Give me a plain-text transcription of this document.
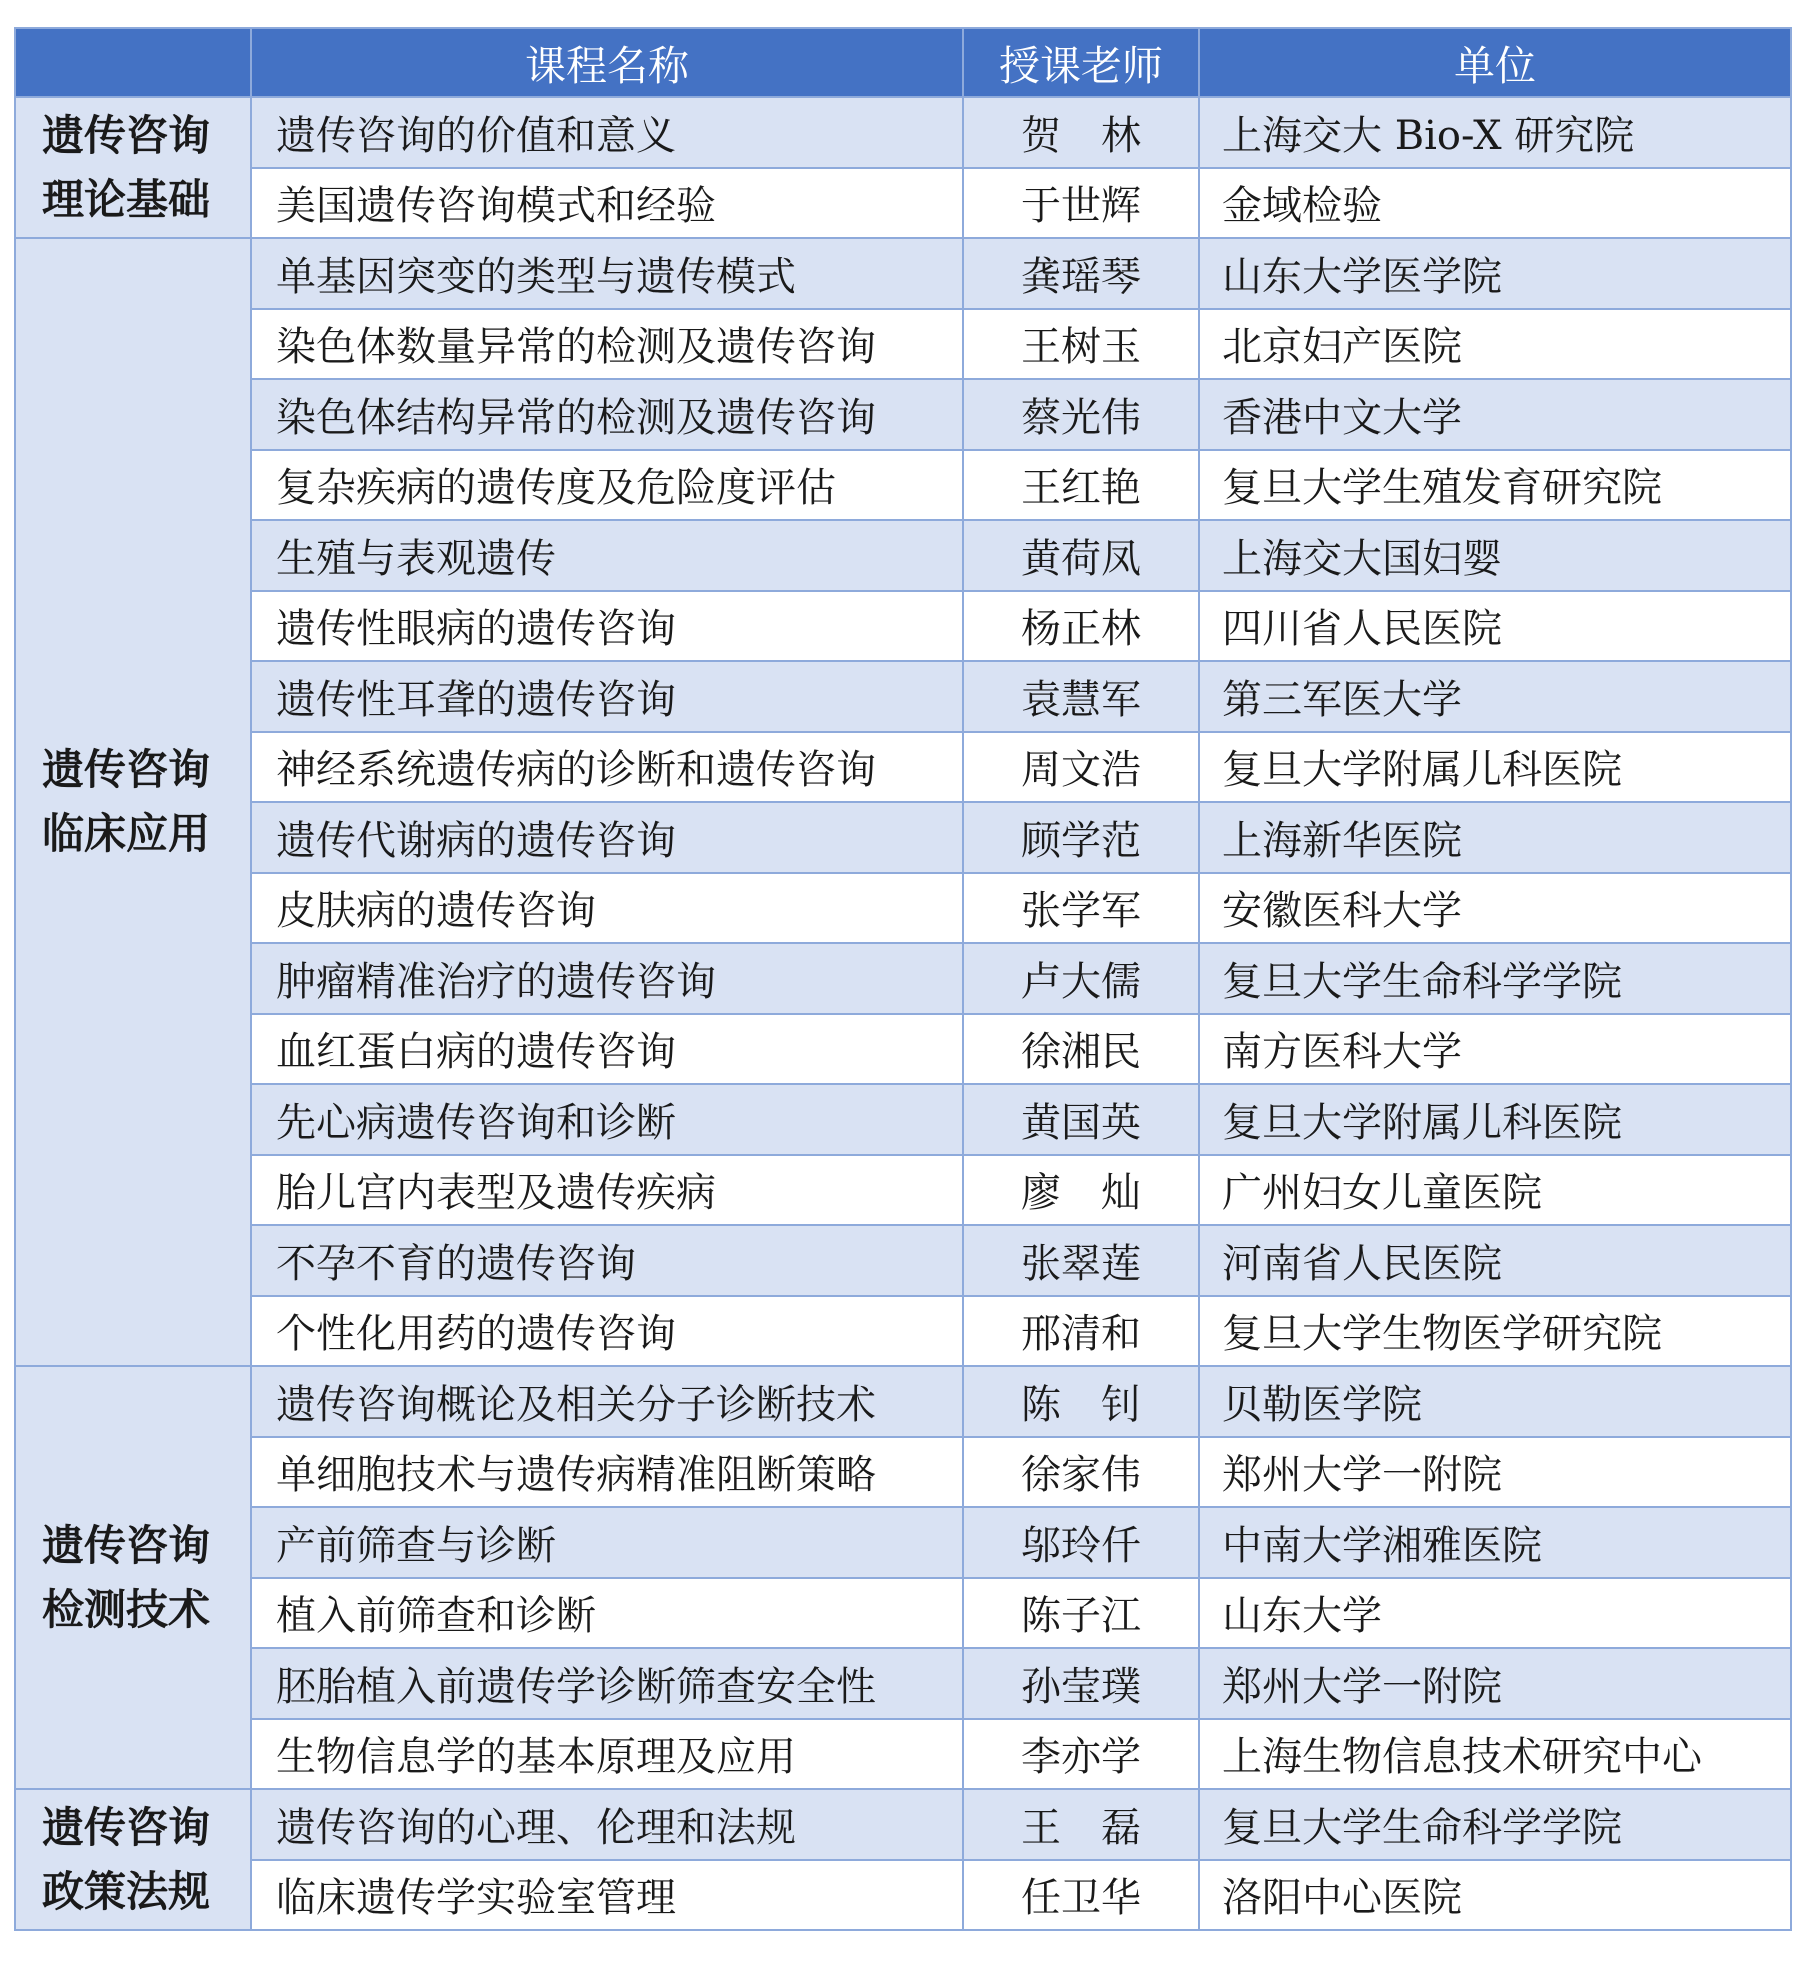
	课程名称	授课老师	单位
遗传咨询
理论基础	遗传咨询的价值和意义	贺　林	上海交大 Bio-X 研究院
	美国遗传咨询模式和经验	于世辉	金域检验
遗传咨询
临床应用	单基因突变的类型与遗传模式	龚瑶琴	山东大学医学院
	染色体数量异常的检测及遗传咨询	王树玉	北京妇产医院
	染色体结构异常的检测及遗传咨询	蔡光伟	香港中文大学
	复杂疾病的遗传度及危险度评估	王红艳	复旦大学生殖发育研究院
	生殖与表观遗传	黄荷凤	上海交大国妇婴
	遗传性眼病的遗传咨询	杨正林	四川省人民医院
	遗传性耳聋的遗传咨询	袁慧军	第三军医大学
	神经系统遗传病的诊断和遗传咨询	周文浩	复旦大学附属儿科医院
	遗传代谢病的遗传咨询	顾学范	上海新华医院
	皮肤病的遗传咨询	张学军	安徽医科大学
	肿瘤精准治疗的遗传咨询	卢大儒	复旦大学生命科学学院
	血红蛋白病的遗传咨询	徐湘民	南方医科大学
	先心病遗传咨询和诊断	黄国英	复旦大学附属儿科医院
	胎儿宫内表型及遗传疾病	廖　灿	广州妇女儿童医院
	不孕不育的遗传咨询	张翠莲	河南省人民医院
	个性化用药的遗传咨询	邢清和	复旦大学生物医学研究院
遗传咨询
检测技术	遗传咨询概论及相关分子诊断技术	陈　钊	贝勒医学院
	单细胞技术与遗传病精准阻断策略	徐家伟	郑州大学一附院
	产前筛查与诊断	邬玲仟	中南大学湘雅医院
	植入前筛查和诊断	陈子江	山东大学
	胚胎植入前遗传学诊断筛查安全性	孙莹璞	郑州大学一附院
	生物信息学的基本原理及应用	李亦学	上海生物信息技术研究中心
遗传咨询
政策法规	遗传咨询的心理、伦理和法规	王　磊	复旦大学生命科学学院
	临床遗传学实验室管理	任卫华	洛阳中心医院
